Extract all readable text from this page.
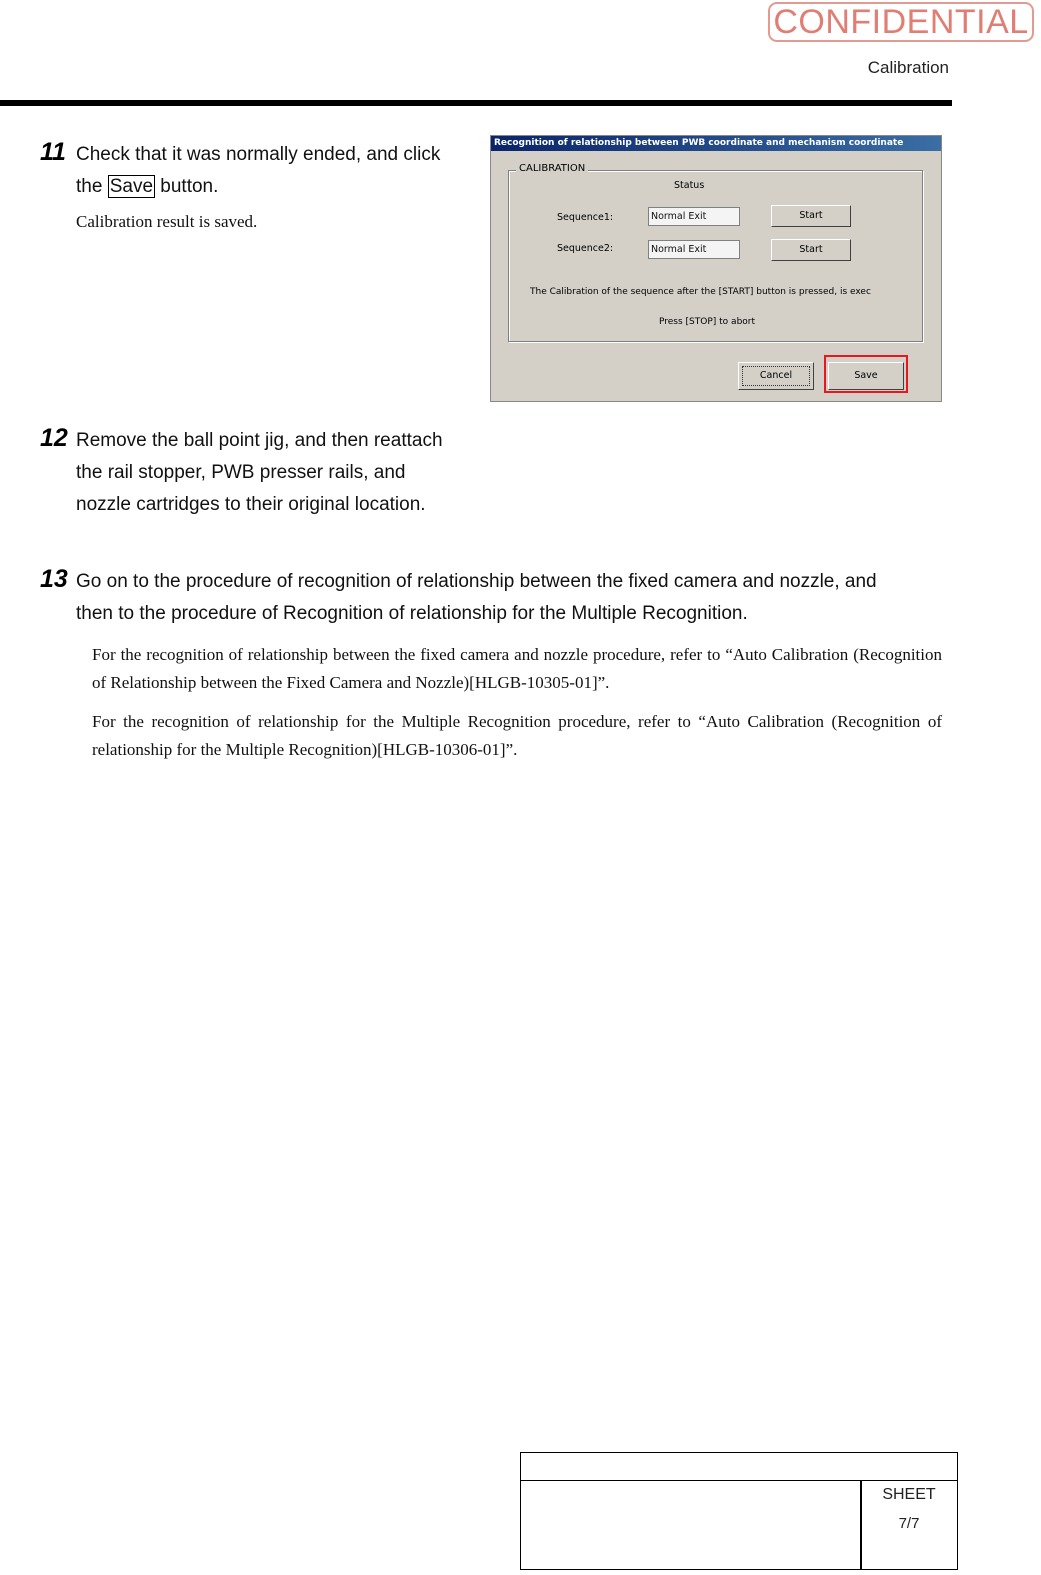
CONFIDENTIAL
Calibration
11 Check that it was normally ended, and click
the Save button.
Calibration result is saved.
Recognition of relationship between PWB coordinate and mechanism coordinate
CALIBRATION
Status
Sequence1:	Normal Exit	Start
Sequence2:	Normal Exit	Start
The Calibration of the sequence after the [START] button is pressed, is exec
Press [STOP] to abort
Cancel	Save
12 Remove the ball point jig, and then reattach
the rail stopper, PWB presser rails, and
nozzle cartridges to their original location.
13 Go on to the procedure of recognition of relationship between the fixed camera and nozzle, and
then to the procedure of Recognition of relationship for the Multiple Recognition.
For the recognition of relationship between the fixed camera and nozzle procedure, refer to “Auto Calibration (Recognition of Relationship between the Fixed Camera and Nozzle)[HLGB-10305-01]”.
For the recognition of relationship for the Multiple Recognition procedure, refer to “Auto Calibration (Recognition of relationship for the Multiple Recognition)[HLGB-10306-01]”.
SHEET
7/7
